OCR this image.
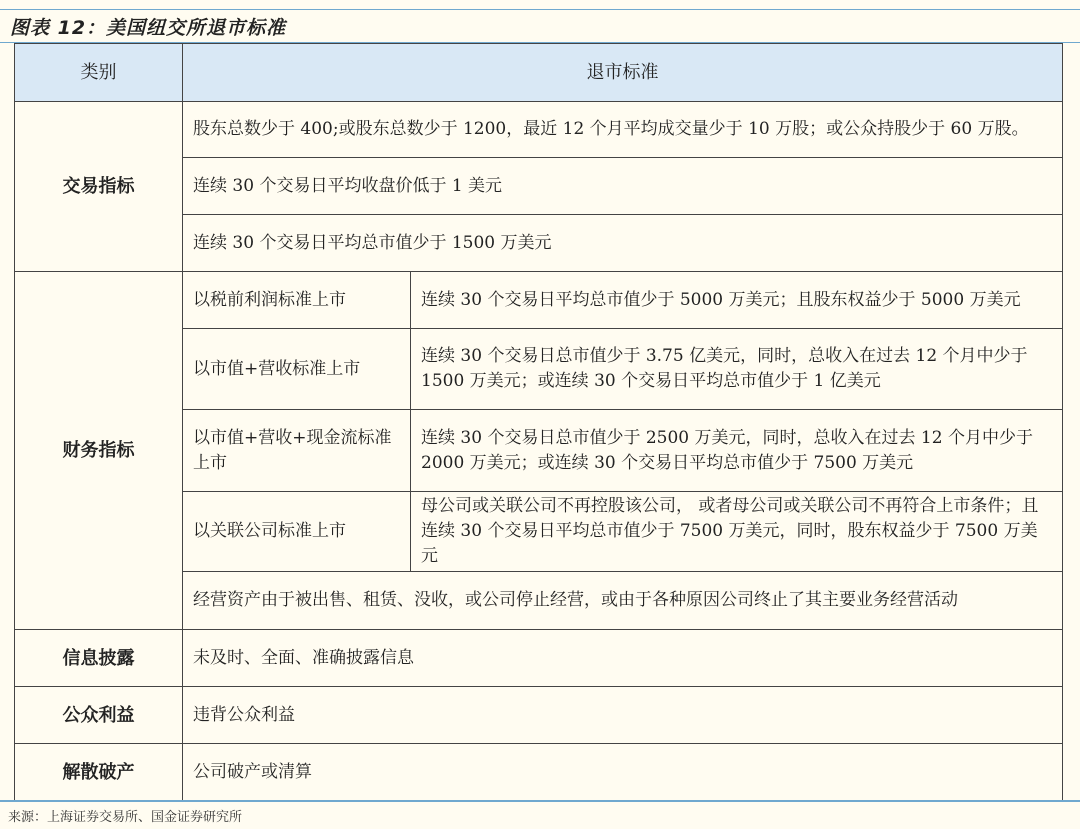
图表 12：美国纽交所退市标准
类别	退市标准	
交易指标	股东总数少于 400;或股东总数少于 1200，最近 12 个月平均成交量少于 10 万股；或公众持股少于 60 万股。	
	连续 30 个交易日平均收盘价低于 1 美元	
	连续 30 个交易日平均总市值少于 1500 万美元	
财务指标	以税前利润标准上市	连续 30 个交易日平均总市值少于 5000 万美元；且股东权益少于 5000 万美元
	以市值+营收标准上市	连续 30 个交易日总市值少于 3.75 亿美元，同时，总收入在过去 12 个月中少于 1500 万美元；或连续 30 个交易日平均总市值少于 1 亿美元
	以市值+营收+现金流标准上市	连续 30 个交易日总市值少于 2500 万美元，同时，总收入在过去 12 个月中少于 2000 万美元；或连续 30 个交易日平均总市值少于 7500 万美元
	以关联公司标准上市	母公司或关联公司不再控股该公司， 或者母公司或关联公司不再符合上市条件；且连续 30 个交易日平均总市值少于 7500 万美元，同时，股东权益少于 7500 万美元
	经营资产由于被出售、租赁、没收，或公司停止经营，或由于各种原因公司终止了其主要业务经营活动	
信息披露	未及时、全面、准确披露信息	
公众利益	违背公众利益	
解散破产	公司破产或清算	
来源：上海证券交易所、国金证券研究所
